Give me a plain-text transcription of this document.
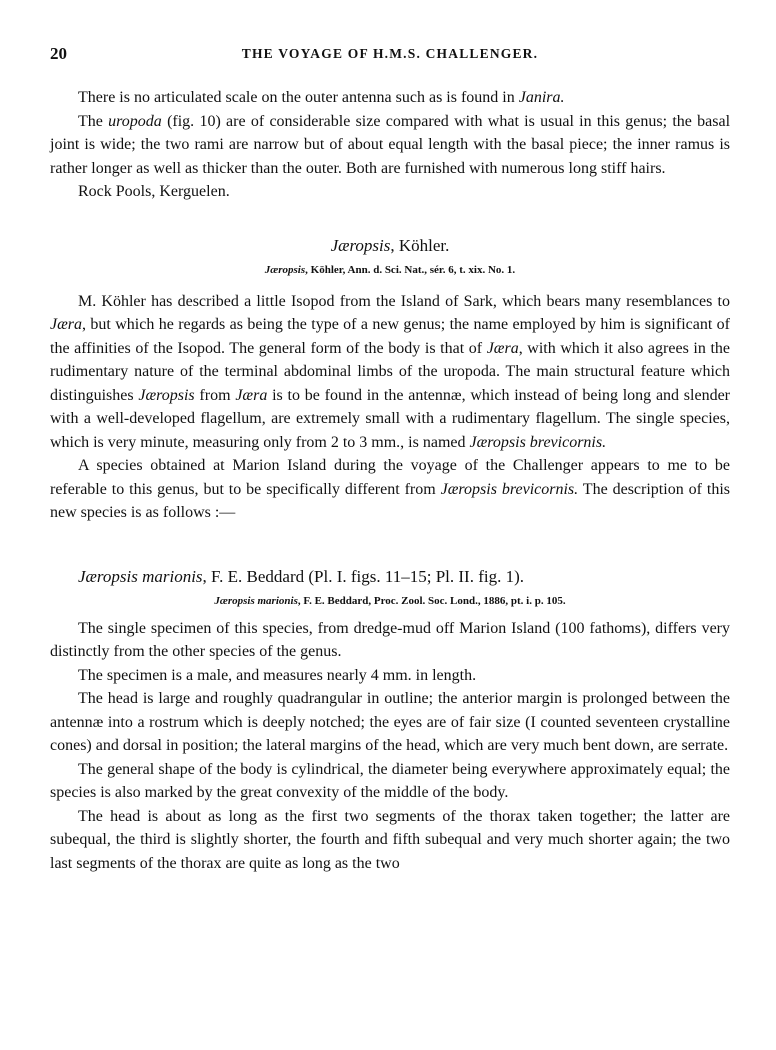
20	THE VOYAGE OF H.M.S. CHALLENGER.

There is no articulated scale on the outer antenna such as is found in Janira.

The uropoda (fig. 10) are of considerable size compared with what is usual in this genus; the basal joint is wide; the two rami are narrow but of about equal length with the basal piece; the inner ramus is rather longer as well as thicker than the outer. Both are furnished with numerous long stiff hairs.

Rock Pools, Kerguelen.

Jæropsis, Köhler.
Jæropsis, Köhler, Ann. d. Sci. Nat., sér. 6, t. xix. No. 1.

M. Köhler has described a little Isopod from the Island of Sark, which bears many resemblances to Jæra, but which he regards as being the type of a new genus; the name employed by him is significant of the affinities of the Isopod. The general form of the body is that of Jæra, with which it also agrees in the rudimentary nature of the terminal abdominal limbs of the uropoda. The main structural feature which distinguishes Jæropsis from Jæra is to be found in the antennæ, which instead of being long and slender with a well-developed flagellum, are extremely small with a rudimentary flagellum. The single species, which is very minute, measuring only from 2 to 3 mm., is named Jæropsis brevicornis.

A species obtained at Marion Island during the voyage of the Challenger appears to me to be referable to this genus, but to be specifically different from Jæropsis brevicornis. The description of this new species is as follows :—

Jæropsis marionis, F. E. Beddard (Pl. I. figs. 11–15; Pl. II. fig. 1).
Jæropsis marionis, F. E. Beddard, Proc. Zool. Soc. Lond., 1886, pt. i. p. 105.

The single specimen of this species, from dredge-mud off Marion Island (100 fathoms), differs very distinctly from the other species of the genus.

The specimen is a male, and measures nearly 4 mm. in length.

The head is large and roughly quadrangular in outline; the anterior margin is prolonged between the antennæ into a rostrum which is deeply notched; the eyes are of fair size (I counted seventeen crystalline cones) and dorsal in position; the lateral margins of the head, which are very much bent down, are serrate.

The general shape of the body is cylindrical, the diameter being everywhere approximately equal; the species is also marked by the great convexity of the middle of the body.

The head is about as long as the first two segments of the thorax taken together; the latter are subequal, the third is slightly shorter, the fourth and fifth subequal and very much shorter again; the two last segments of the thorax are quite as long as the two
